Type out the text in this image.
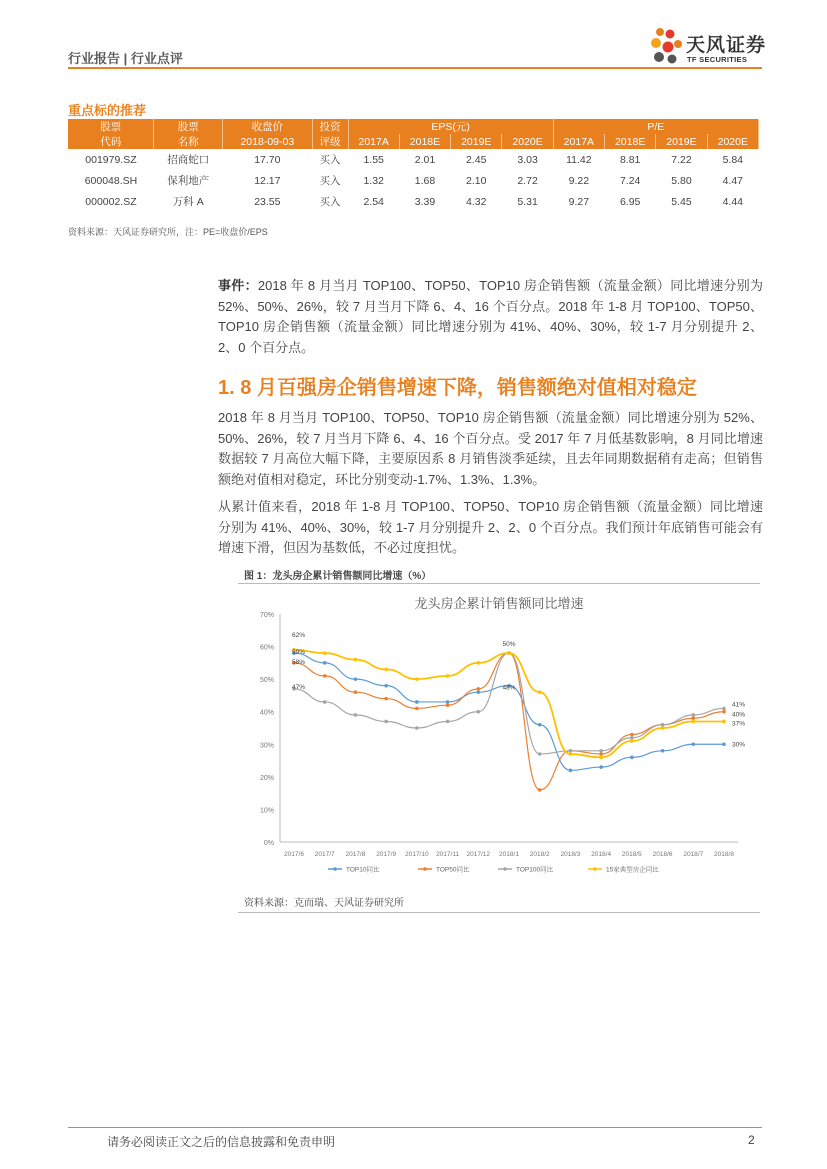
行业报告 | 行业点评
天风证券
TF SECURITIES
重点标的推荐
股票	股票	收盘价	投资	EPS(元)				P/E			
代码	名称	2018-09-03	评级	2017A	2018E	2019E	2020E	2017A	2018E	2019E	2020E
001979.SZ	招商蛇口	17.70	买入	1.55	2.01	2.45	3.03	11.42	8.81	7.22	5.84
600048.SH	保利地产	12.17	买入	1.32	1.68	2.10	2.72	9.22	7.24	5.80	4.47
000002.SZ	万科 A	23.55	买入	2.54	3.39	4.32	5.31	9.27	6.95	5.45	4.44
资料来源：天风证券研究所，注：PE=收盘价/EPS
事件：2018 年 8 月当月 TOP100、TOP50、TOP10 房企销售额（流量金额）同比增速分别为 52%、50%、26%，较 7 月当月下降 6、4、16 个百分点。2018 年 1-8 月 TOP100、TOP50、TOP10 房企销售额（流量金额）同比增速分别为 41%、40%、30%，较 1-7 月分别提升 2、2、0 个百分点。
1. 8 月百强房企销售增速下降，销售额绝对值相对稳定
2018 年 8 月当月 TOP100、TOP50、TOP10 房企销售额（流量金额）同比增速分别为 52%、50%、26%，较 7 月当月下降 6、4、16 个百分点。受 2017 年 7 月低基数影响，8 月同比增速数据较 7 月高位大幅下降，主要原因系 8 月销售淡季延续，且去年同期数据稍有走高；但销售额绝对值相对稳定，环比分别变动-1.7%、1.3%、1.3%。
从累计值来看，2018 年 1-8 月 TOP100、TOP50、TOP10 房企销售额（流量金额）同比增速分别为 41%、40%、30%，较 1-7 月分别提升 2、2、0 个百分点。我们预计年底销售可能会有增速下滑，但因为基数低，不必过度担忧。
图 1：龙头房企累计销售额同比增速（%）
龙头房企累计销售额同比增速
0%
10%
20%
30%
40%
50%
60%
70%
2017/6 2017/7 2017/8 2017/9 2017/10 2017/11 2017/12 2018/1 2018/2 2018/3 2018/4 2018/5 2018/6 2018/7 2018/8
62%
59%
58%
47%
50%
48%
41%
40%
37%
30%
TOP10同比	TOP50同比	TOP100同比	15家典型房企同比
资料来源：克而瑞、天风证券研究所
请务必阅读正文之后的信息披露和免责申明	2
